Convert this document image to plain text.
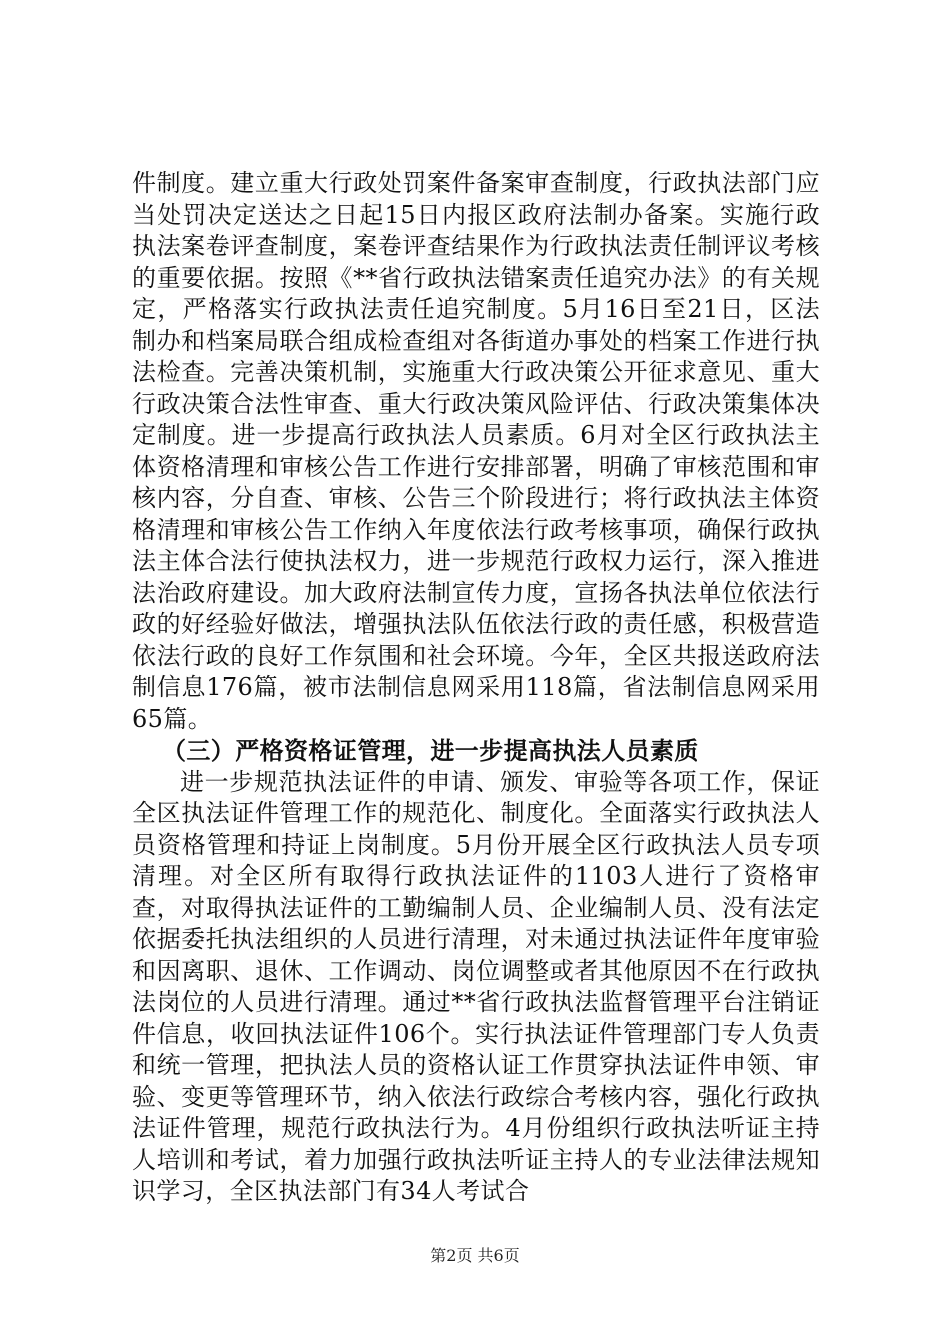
件制度。建立重大行政处罚案件备案审查制度，行政执法部门应当处罚决定送达之日起15日内报区政府法制办备案。实施行政执法案卷评查制度，案卷评查结果作为行政执法责任制评议考核的重要依据。按照《**省行政执法错案责任追究办法》的有关规定，严格落实行政执法责任追究制度。5月16日至21日，区法制办和档案局联合组成检查组对各街道办事处的档案工作进行执法检查。完善决策机制，实施重大行政决策公开征求意见、重大行政决策合法性审查、重大行政决策风险评估、行政决策集体决定制度。进一步提高行政执法人员素质。6月对全区行政执法主体资格清理和审核公告工作进行安排部署，明确了审核范围和审核内容，分自查、审核、公告三个阶段进行；将行政执法主体资格清理和审核公告工作纳入年度依法行政考核事项，确保行政执法主体合法行使执法权力，进一步规范行政权力运行，深入推进法治政府建设。加大政府法制宣传力度，宣扬各执法单位依法行政的好经验好做法，增强执法队伍依法行政的责任感，积极营造依法行政的良好工作氛围和社会环境。今年，全区共报送政府法制信息176篇，被市法制信息网采用118篇，省法制信息网采用65篇。

（三）严格资格证管理，进一步提高执法人员素质

进一步规范执法证件的申请、颁发、审验等各项工作，保证全区执法证件管理工作的规范化、制度化。全面落实行政执法人员资格管理和持证上岗制度。5月份开展全区行政执法人员专项清理。对全区所有取得行政执法证件的1103人进行了资格审查，对取得执法证件的工勤编制人员、企业编制人员、没有法定依据委托执法组织的人员进行清理，对未通过执法证件年度审验和因离职、退休、工作调动、岗位调整或者其他原因不在行政执法岗位的人员进行清理。通过**省行政执法监督管理平台注销证件信息，收回执法证件106个。实行执法证件管理部门专人负责和统一管理，把执法人员的资格认证工作贯穿执法证件申领、审验、变更等管理环节，纳入依法行政综合考核内容，强化行政执法证件管理，规范行政执法行为。4月份组织行政执法听证主持人培训和考试，着力加强行政执法听证主持人的专业法律法规知识学习，全区执法部门有34人考试合

第2页 共6页
